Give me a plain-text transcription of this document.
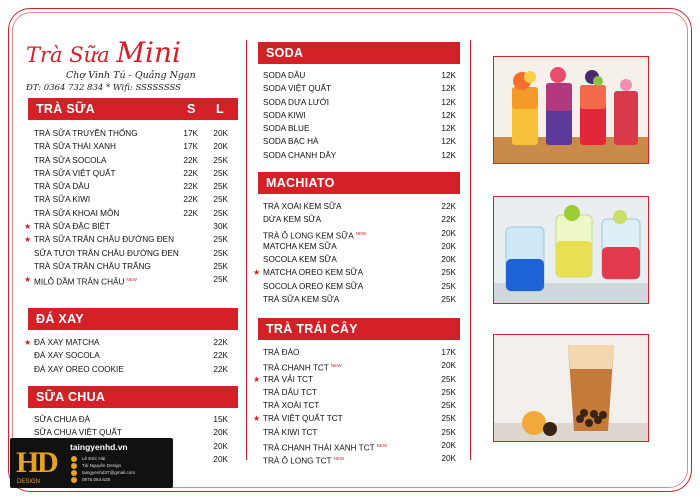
Trà Sữa Mini
Chợ Vinh Tú - Quảng Ngạn
ĐT: 0364 732 834 * Wifi: SSSSSSSS
TRÀ SỮA	S L
TRÀ SỮA TRUYỀN THỐNG	17K 20K
TRÀ SỮA THÁI XANH	17K 20K
TRÀ SỮA SOCOLA	22K 25K
TRÀ SỮA VIỆT QUẤT	22K 25K
TRÀ SỮA DÂU	22K 25K
TRÀ SỮA KIWI	22K 25K
TRÀ SỮA KHOAI MÔN	22K 25K
★ TRÀ SỮA ĐẶC BIỆT	30K
★ TRÀ SỮA TRÂN CHÂU ĐƯỜNG ĐEN	25K
SỮA TƯƠI TRÂN CHÂU ĐƯỜNG ĐEN	25K
TRÀ SỮA TRÂN CHÂU TRẮNG	25K
★ MILÔ DẦM TRÂN CHÂU $^{NEW}$	25K
ĐÁ XAY
★ ĐÁ XAY MATCHA	22K
ĐÁ XAY SOCOLA	22K
ĐÁ XAY OREO COOKIE	22K
SỮA CHUA
SỮA CHUA ĐÁ	15K
SỮA CHUA VIỆT QUẤT	20K
20K
20K
SODA
SODA DÂU	12K
SODA VIỆT QUẤT	12K
SODA DƯA LƯỚI	12K
SODA KIWI	12K
SODA BLUE	12K
SODA BẠC HÀ	12K
SODA CHANH DÂY	12K
MACHIATO
TRÀ XOÀI KEM SỮA	22K
DỪA KEM SỮA	22K
TRÀ Ô LONG KEM SỮA $^{NEW}$	20K
MATCHA KEM SỮA	20K
SOCOLA KEM SỮA	20K
★ MATCHA OREO KEM SỮA	25K
SOCOLA OREO KEM SỮA	25K
TRÀ SỮA KEM SỮA	25K
TRÀ TRÁI CÂY
TRÀ ĐÀO	17K
TRÀ CHANH TCT $^{NEW}$	20K
★ TRÀ VẢI TCT	25K
TRÀ DÂU TCT	25K
TRÀ XOÀI TCT	25K
★ TRÀ VIỆT QUẤT TCT	25K
TRÀ KIWI TCT	25K
TRÀ CHANH THÁI XANH TCT $^{NEW}$	20K
TRÀ Ô LONG TCT $^{NEW}$	20K
H
D
DESIGN
taingyenhd.vn
Lê Đức Hải
Tài Nguyên Design
taingyenhd37@gmail.com
0976.064.628
